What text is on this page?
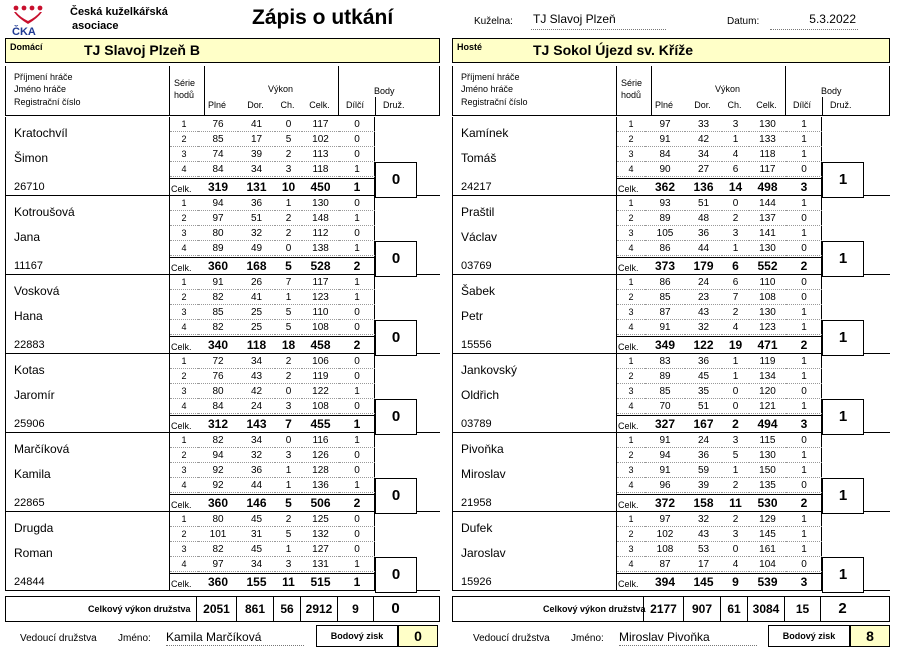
ČKA
Česká kuželkářská
asociace	Zápis o utkání	Kuželna: TJ Slavoj Plzeň	Datum:	5.3.2022
Domácí	TJ Slavoj Plzeň B	Hosté	TJ Sokol Újezd sv. Kříže
Příjmení hráče
Jméno hráče
Registrační číslo
Série
hodů
Výkon
Plné	Dor.	Ch.	Celk.
Body
Dílčí Druž.
Kratochvíl
Šimon
26710	Celk.
1	76	41	0	117	0
2	85	17	5	102	0
3	74	39	2	113	0
4	84	34	3	118	1
319	131	10	450	1	0
Kotroušová
Jana
11167	Celk.
1	94	36	1	130	0
2	97	51	2	148	1
3	80	32	2	112	0
4	89	49	0	138	1
360	168	5	528	2	0
Vosková
Hana
22883	Celk.
1	91	26	7	117	1
2	82	41	1	123	1
3	85	25	5	110	0
4	82	25	5	108	0
340	118	18	458	2	0
Kotas
Jaromír
25906	Celk.
1	72	34	2	106	0
2	76	43	2	119	0
3	80	42	0	122	1
4	84	24	3	108	0
312	143	7	455	1	0
Marčíková
Kamila
22865	Celk.
1	82	34	0	116	1
2	94	32	3	126	0
3	92	36	1	128	0
4	92	44	1	136	1
360	146	5	506	2	0
Drugda
Roman
24844	Celk.
1	80	45	2	125	0
2	101	31	5	132	0
3	82	45	1	127	0
4	97	34	3	131	1
360	155	11	515	1	0
Příjmení hráče
Jméno hráče
Registrační číslo
Série
hodů
Výkon
Plné	Dor.	Ch.	Celk.
Body
Dílčí Druž.
Kamínek
Tomáš
24217	Celk.
1	97	33	3	130	1
2	91	42	1	133	1
3	84	34	4	118	1
4	90	27	6	117	0
362	136	14	498	3	1
Praštil
Václav
03769	Celk.
1	93	51	0	144	1
2	89	48	2	137	0
3	105	36	3	141	1
4	86	44	1	130	0
373	179	6	552	2	1
Šabek
Petr
15556	Celk.
1	86	24	6	110	0
2	85	23	7	108	0
3	87	43	2	130	1
4	91	32	4	123	1
349	122	19	471	2	1
Jankovský
Oldřich
03789	Celk.
1	83	36	1	119	1
2	89	45	1	134	1
3	85	35	0	120	0
4	70	51	0	121	1
327	167	2	494	3	1
Pivoňka
Miroslav
21958	Celk.
1	91	24	3	115	0
2	94	36	5	130	1
3	91	59	1	150	1
4	96	39	2	135	0
372	158	11	530	2	1
Dufek
Jaroslav
15926	Celk.
1	97	32	2	129	1
2	102	43	3	145	1
3	108	53	0	161	1
4	87	17	4	104	0
394	145	9	539	3	1
Celkový výkon družstva	2051	861	56 2912	9	0	Celkový výkon družstva 2177	907	61 3084	15	2
Vedoucí družstva Jméno: Kamila Marčíková	Bodový zisk	0	Vedoucí družstva Jméno: Miroslav Pivoňka	Bodový zisk	8
